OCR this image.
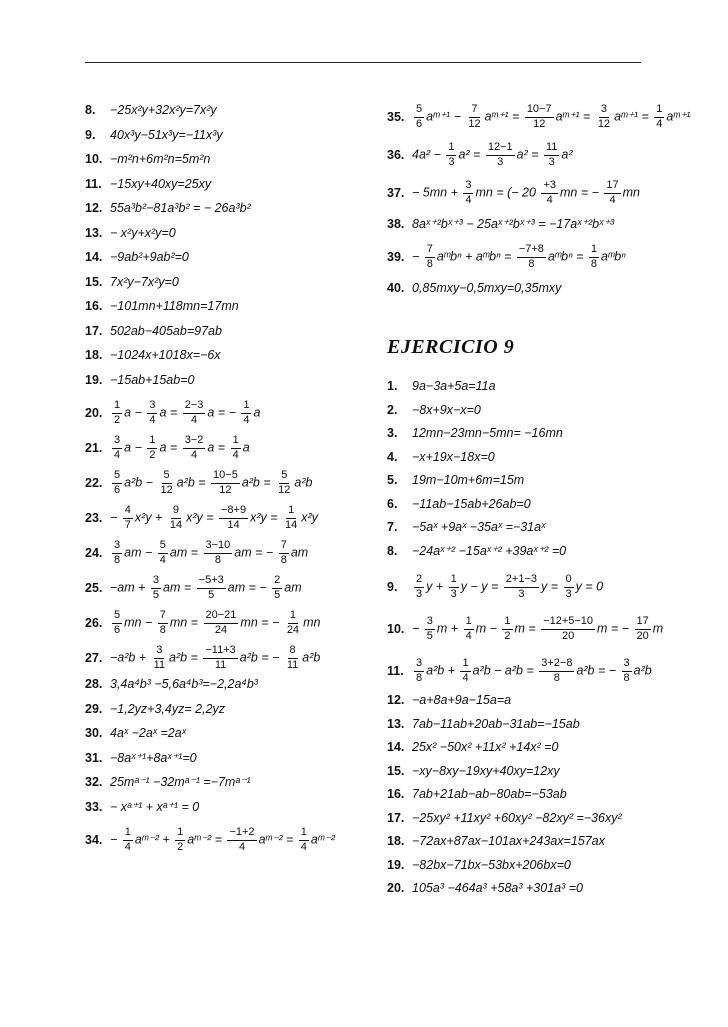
8.	−25x²y+32x²y=7x²y
9.	40x³y−51x³y=−11x³y
10. −m²n+6m²n=5m²n
11. −15xy+40xy=25xy
12. 55a³b²−81a³b² = − 26a³b²
13. − x²y+x²y=0
14. −9ab²+9ab²=0
15. 7x²y−7x²y=0
16. −101mn+118mn=17mn
17. 502ab−405ab=97ab
18. −1024x+1018x=−6x
19. −15ab+15ab=0
20. $\frac{1}{2}$ $a - \frac{3}{4}$ $a = \frac{2-3}{4}$ a = − $\frac{1}{4}$ a
21. $\frac{3}{4}$ $a - \frac{1}{2}$ $a = \frac{3-2}{4}$ $a = \frac{1}{4}$ a
22. $\frac{5}{6} a^2b - \frac{5}{12} a^2b = \frac{10-5}{12} a^2b = \frac{5}{12} a^2b$
23. − $\frac{4}{7} x^2y + \frac{9}{14} x^2y = \frac{-8+9}{14} x^2y = \frac{1}{14} x^2y$
24. $\frac{3}{8}$ am − $\frac{5}{4}$ am = $\frac{3-10}{8}$ am = − $\frac{7}{8}$ am
25. $-am + \frac{3}{5}$ am = $\frac{-5+3}{5}$ am = − $\frac{2}{5}$ am
26. $\frac{5}{6}$ mn − $\frac{7}{8}$ mn = $\frac{20-21}{24}$ mn = − $\frac{1}{24}$ mn
27. $-a^2b + \frac{3}{11} a^2b = \frac{-11+3}{11} a^2b$ = − $\frac{8}{11} a^2b$
28. 3,4a⁴b³ −5,6a⁴b³=−2,2a⁴b³
29. −1,2yz+3,4yz= 2,2yz
30. 4aˣ −2aˣ =2aˣ
31. −8aˣ⁺¹+8aˣ⁺¹=0
32. 25mᵃ⁻¹ −32mᵃ⁻¹ =−7mᵃ⁻¹
33. − xᵃ⁺¹ + xᵃ⁺¹ = 0
34. − $\frac{1}{4}$ aᵐ⁻² + $\frac{1}{2}$ aᵐ⁻² = $\frac{-1+2}{4}$ aᵐ⁻² = $\frac{1}{4}$ aᵐ⁻²
35. $\frac{5}{6}$ aᵐ⁺¹ − $\frac{7}{12}$ aᵐ⁺¹ = $\frac{10-7}{12}$ aᵐ⁺¹ = $\frac{3}{12}$ aᵐ⁺¹ = $\frac{1}{4}$ aᵐ⁺¹
36. $4a^2 - \frac{1}{3} a^2 = \frac{12-1}{3} a^2 = \frac{11}{3} a^2$
37. − $5mn + \frac{3}{4}$ mn = (− $20 \frac{+3}{4}$ mn = − $\frac{17}{4}$ mn
38. 8aˣ⁺²bˣ⁺³ − 25aˣ⁺²bˣ⁺³ = −17aˣ⁺²bˣ⁺³
39. − $\frac{7}{8}$ aᵐbⁿ + aᵐbⁿ = $\frac{-7+8}{8}$ aᵐbⁿ = $\frac{1}{8}$ aᵐbⁿ
40. 0,85mxy−0,5mxy=0,35mxy
EJERCICIO 9
1.	9a−3a+5a=11a
2.	−8x+9x−x=0
3.	12mn−23mn−5mn= −16mn
4.	−x+19x−18x=0
5.	19m−10m+6m=15m
6.	−11ab−15ab+26ab=0
7.	−5aˣ +9aˣ −35aˣ =−31aˣ
8.	−24aˣ⁺² −15aˣ⁺² +39aˣ⁺² =0
9.	$\frac{2}{3}$ $y + \frac{1}{3}$ $y - y = \frac{2+1-3}{3}$ $y = \frac{0}{3}$ y = 0
10. − $\frac{3}{5}$ $m + \frac{1}{4}$ $m - \frac{1}{2}$ $m = \frac{-12+5-10}{20}$ m = − $\frac{17}{20}$ m
11. $\frac{3}{8} a^2b + \frac{1}{4} a^2b - a^2b = \frac{3+2-8}{8} a^2b$ = − $\frac{3}{8} a^2b$
12. −a+8a+9a−15a=a
13. 7ab−11ab+20ab−31ab=−15ab
14. 25x² −50x² +11x² +14x² =0
15. −xy−8xy−19xy+40xy=12xy
16. 7ab+21ab−ab−80ab=−53ab
17. −25xy² +11xy² +60xy² −82xy² =−36xy²
18. −72ax+87ax−101ax+243ax=157ax
19. −82bx−71bx−53bx+206bx=0
20. 105a³ −464a³ +58a³ +301a³ =0
